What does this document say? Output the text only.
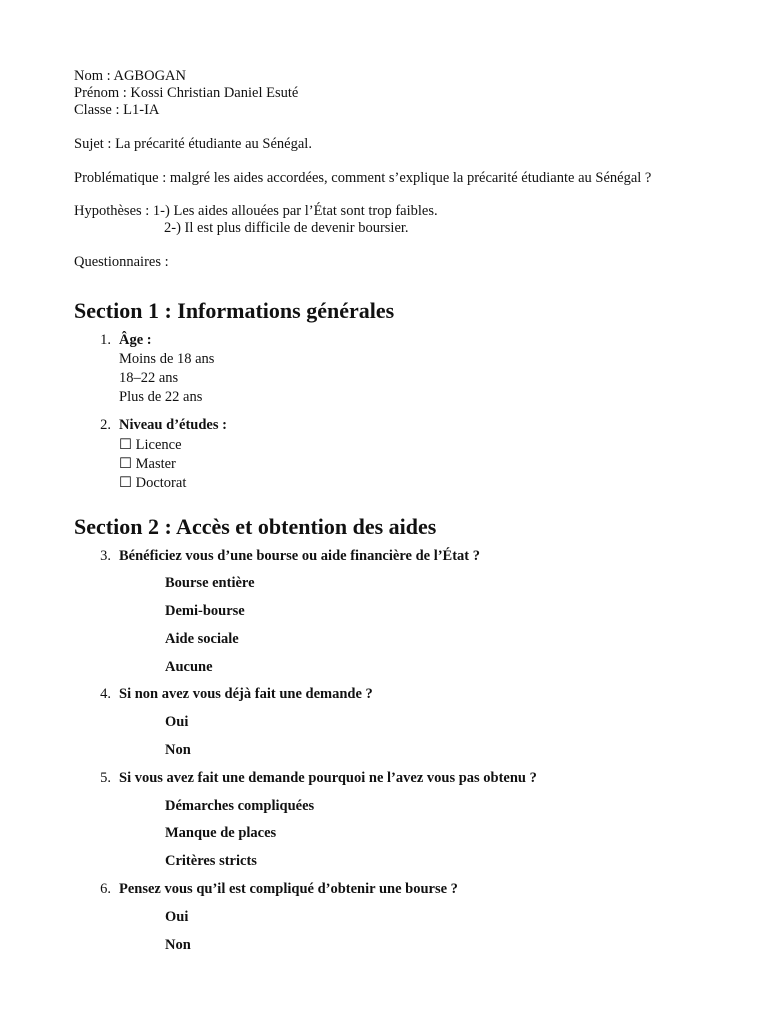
Nom : AGBOGAN
Prénom : Kossi Christian Daniel Esuté
Classe : L1-IA
Sujet : La précarité étudiante au Sénégal.
Problématique : malgré les aides accordées, comment s’explique la précarité étudiante au Sénégal ?
Hypothèses : 1-) Les aides allouées par l’État sont trop faibles.
2-) Il est plus difficile de devenir boursier.
Questionnaires :
Section 1 : Informations générales
1. Âge :
Moins de 18 ans
18–22 ans
Plus de 22 ans
2. Niveau d’études :
☐ Licence
☐ Master
☐ Doctorat
Section 2 : Accès et obtention des aides
3. Bénéficiez vous d’une bourse ou aide financière de l’État ?
Bourse entière
Demi-bourse
Aide sociale
Aucune
4. Si non avez vous déjà fait une demande ?
Oui
Non
5. Si vous avez fait une demande pourquoi ne l’avez vous pas obtenu ?
Démarches compliquées
Manque de places
Critères stricts
6. Pensez vous qu’il est compliqué d’obtenir une bourse ?
Oui
Non
